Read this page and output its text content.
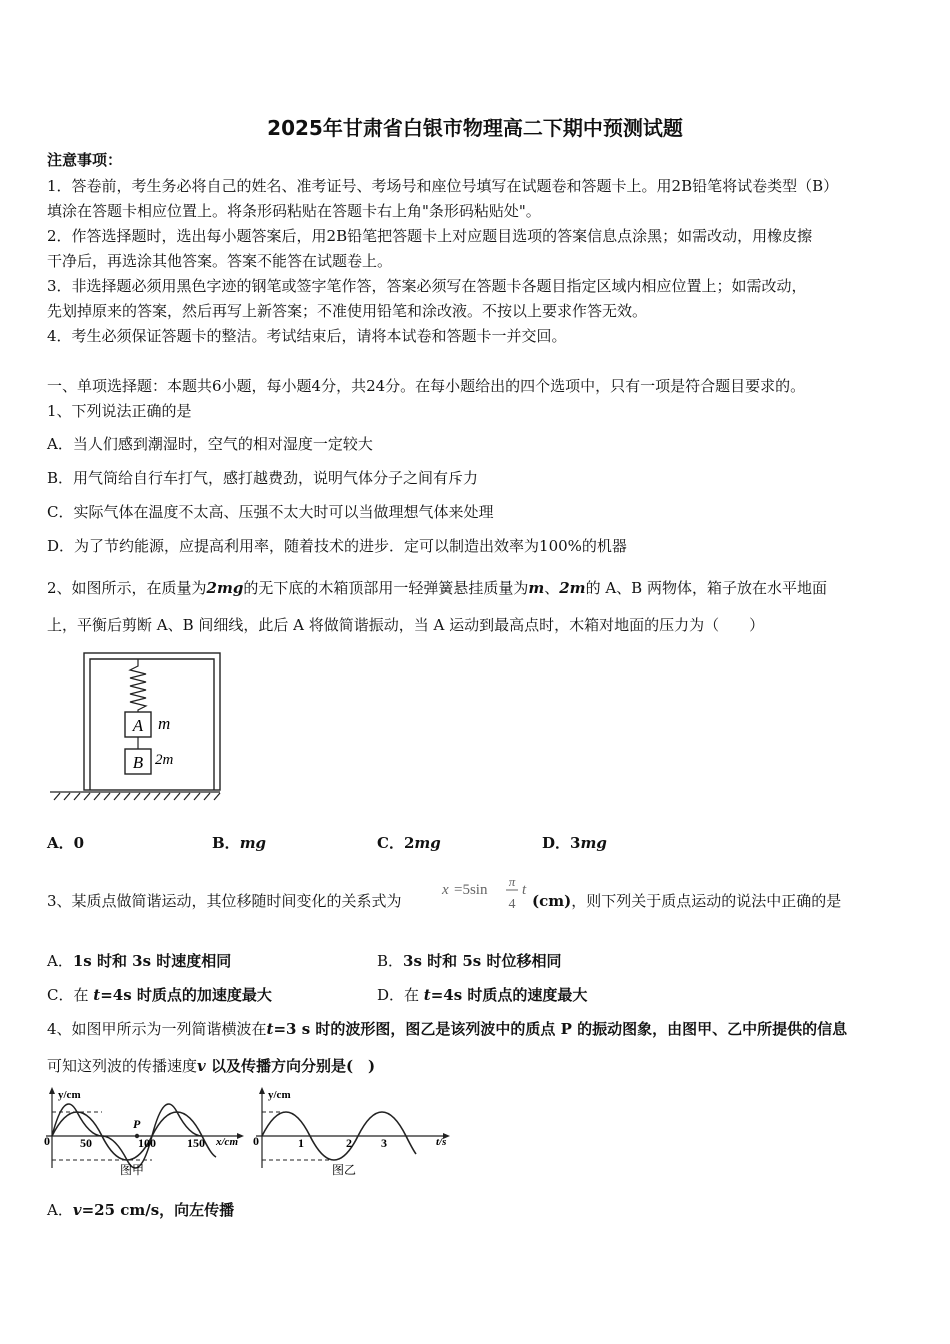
2025年甘肃省白银市物理高二下期中预测试题
注意事项：
1．答卷前，考生务必将自己的姓名、准考证号、考场号和座位号填写在试题卷和答题卡上。用2B铅笔将试卷类型（B）
填涂在答题卡相应位置上。将条形码粘贴在答题卡右上角"条形码粘贴处"。
2．作答选择题时，选出每小题答案后，用2B铅笔把答题卡上对应题目选项的答案信息点涂黑；如需改动，用橡皮擦
干净后，再选涂其他答案。答案不能答在试题卷上。
3．非选择题必须用黑色字迹的钢笔或签字笔作答，答案必须写在答题卡各题目指定区域内相应位置上；如需改动，
先划掉原来的答案，然后再写上新答案；不准使用铅笔和涂改液。不按以上要求作答无效。
4．考生必须保证答题卡的整洁。考试结束后，请将本试卷和答题卡一并交回。
一、单项选择题：本题共6小题，每小题4分，共24分。在每小题给出的四个选项中，只有一项是符合题目要求的。
1、下列说法正确的是
A．当人们感到潮湿时，空气的相对湿度一定较大
B．用气筒给自行车打气，感打越费劲，说明气体分子之间有斥力
C．实际气体在温度不太高、压强不太大时可以当做理想气体来处理
D．为了节约能源，应提高利用率，随着技术的进步．定可以制造出效率为100%的机器
2、如图所示，在质量为2mg的无下底的木箱顶部用一轻弹簧悬挂质量为m、2m的 A、B 两物体，箱子放在水平地面
上，平衡后剪断 A、B 间细线，此后 A 将做简谐振动，当 A 运动到最高点时，木箱对地面的压力为（　　）
A m
B 2m
A．0	B．mg	C．2mg	D．3mg
3、某质点做简谐运动，其位移随时间变化的关系式为
x =5sin
π
4
t
(cm)，则下列关于质点运动的说法中正确的是
A．1s 时和 3s 时速度相同	B．3s 时和 5s 时位移相同
C．在 t=4s 时质点的加速度最大	D．在 t=4s 时质点的速度最大
4、如图甲所示为一列简谐横波在t=3 s 时的波形图，图乙是该列波中的质点 P 的振动图象，由图甲、乙中所提供的信息
可知这列波的传播速度v 以及传播方向分别是(　)
y/cm
x/cm
0
P
50	100	150
图甲
y/cm
t/s
0	1	2 3
图乙
A．v=25 cm/s，向左传播
